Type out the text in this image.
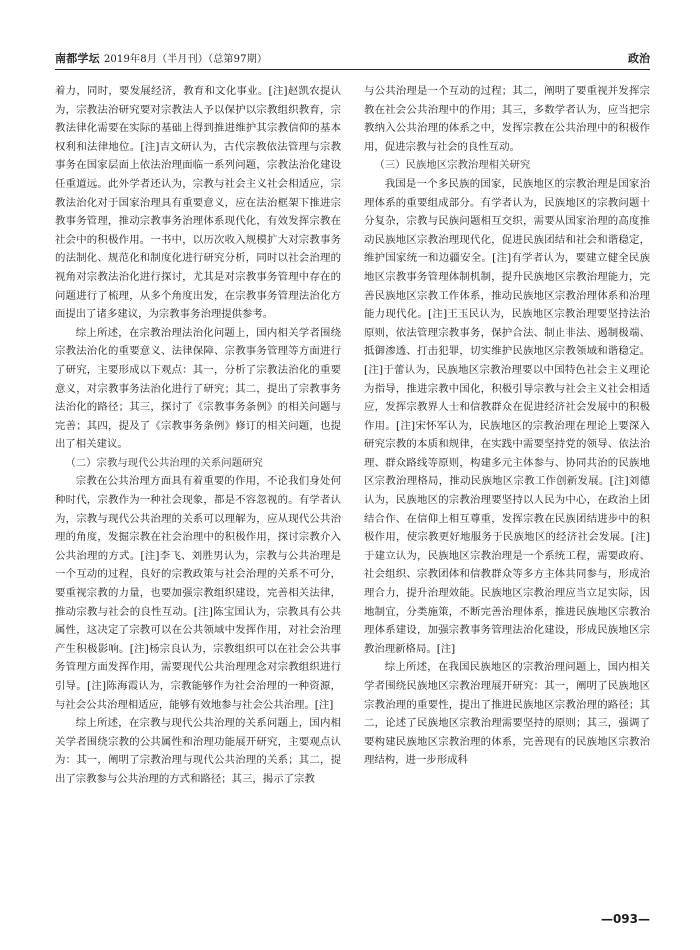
南都学坛 2019年8月（半月刊）（总第97期）	政治

着力，同时，要发展经济，教育和文化事业。[注]赵凯农提认为，宗教法治研究要对宗教法人予以保护以宗教组织教育，宗教法律化需要在实际的基础上得到推进维护其宗教信仰的基本权利和法律地位。[注]吉文研认为，古代宗教依法管理与宗教事务在国家层面上依法治理面临一系列问题，宗教法治化建设任重道远。此外学者还认为，宗教与社会主义社会相适应，宗教法治化对于国家治理具有重要意义，应在法治框架下推进宗教事务管理，推动宗教事务治理体系现代化，有效发挥宗教在社会中的积极作用。一书中，以历次收入规模扩大对宗教事务的法制化、规范化和制度化进行研究分析，同时以社会治理的视角对宗教法治化进行探讨，尤其是对宗教事务管理中存在的问题进行了梳理，从多个角度出发，在宗教事务管理法治化方面提出了诸多建议，为宗教事务治理提供参考。

综上所述，在宗教治理法治化问题上，国内相关学者围绕宗教法治化的重要意义、法律保障、宗教事务管理等方面进行了研究，主要形成以下观点：其一，分析了宗教法治化的重要意义，对宗教事务法治化进行了研究；其二，提出了宗教事务法治化的路径；其三，探讨了《宗教事务条例》的相关问题与完善；其四，提及了《宗教事务条例》修订的相关问题，也提出了相关建议。

（二）宗教与现代公共治理的关系问题研究

宗教在公共治理方面具有着重要的作用，不论我们身处何种时代，宗教作为一种社会现象，都是不容忽视的。有学者认为，宗教与现代公共治理的关系可以理解为，应从现代公共治理的角度，发掘宗教在社会治理中的积极作用，探讨宗教介入公共治理的方式。[注]李飞、刘胜男认为，宗教与公共治理是一个互动的过程，良好的宗教政策与社会治理的关系不可分，要重视宗教的力量，也要加强宗教组织建设，完善相关法律，推动宗教与社会的良性互动。[注]陈宝国认为，宗教具有公共属性，这决定了宗教可以在公共领域中发挥作用，对社会治理产生积极影响。[注]杨宗良认为，宗教组织可以在社会公共事务管理方面发挥作用，需要现代公共治理理念对宗教组织进行引导。[注]陈海霞认为，宗教能够作为社会治理的一种资源，与社会公共治理相适应，能够有效地参与社会公共治理。[注]

综上所述，在宗教与现代公共治理的关系问题上，国内相关学者围绕宗教的公共属性和治理功能展开研究，主要观点认为：其一，阐明了宗教治理与现代公共治理的关系；其二，提出了宗教参与公共治理的方式和路径；其三，揭示了宗教

与公共治理是一个互动的过程；其二，阐明了要重视并发挥宗教在社会公共治理中的作用；其三，多数学者认为，应当把宗教纳入公共治理的体系之中，发挥宗教在公共治理中的积极作用，促进宗教与社会的良性互动。

（三）民族地区宗教治理相关研究

我国是一个多民族的国家，民族地区的宗教治理是国家治理体系的重要组成部分。有学者认为，民族地区的宗教问题十分复杂，宗教与民族问题相互交织，需要从国家治理的高度推动民族地区宗教治理现代化，促进民族团结和社会和谐稳定，维护国家统一和边疆安全。[注]有学者认为，要建立健全民族地区宗教事务管理体制机制，提升民族地区宗教治理能力，完善民族地区宗教工作体系，推动民族地区宗教治理体系和治理能力现代化。[注]王玉民认为，民族地区宗教治理要坚持法治原则，依法管理宗教事务，保护合法、制止非法、遏制极端、抵御渗透、打击犯罪，切实维护民族地区宗教领域和谐稳定。[注]于蕾认为，民族地区宗教治理要以中国特色社会主义理论为指导，推进宗教中国化，积极引导宗教与社会主义社会相适应，发挥宗教界人士和信教群众在促进经济社会发展中的积极作用。[注]宋怀军认为，民族地区的宗教治理在理论上要深入研究宗教的本质和规律，在实践中需要坚持党的领导、依法治理、群众路线等原则，构建多元主体参与、协同共治的民族地区宗教治理格局，推动民族地区宗教工作创新发展。[注]刘德认为，民族地区的宗教治理要坚持以人民为中心，在政治上团结合作、在信仰上相互尊重，发挥宗教在民族团结进步中的积极作用，使宗教更好地服务于民族地区的经济社会发展。[注]于建立认为，民族地区宗教治理是一个系统工程，需要政府、社会组织、宗教团体和信教群众等多方主体共同参与，形成治理合力，提升治理效能。民族地区宗教治理应当立足实际，因地制宜，分类施策，不断完善治理体系，推进民族地区宗教治理体系建设，加强宗教事务管理法治化建设，形成民族地区宗教治理新格局。[注]

综上所述，在我国民族地区的宗教治理问题上，国内相关学者围绕民族地区宗教治理展开研究：其一，阐明了民族地区宗教治理的重要性，提出了推进民族地区宗教治理的路径；其二，论述了民族地区宗教治理需要坚持的原则；其三，强调了要构建民族地区宗教治理的体系，完善现有的民族地区宗教治理结构，进一步形成科

—093—
